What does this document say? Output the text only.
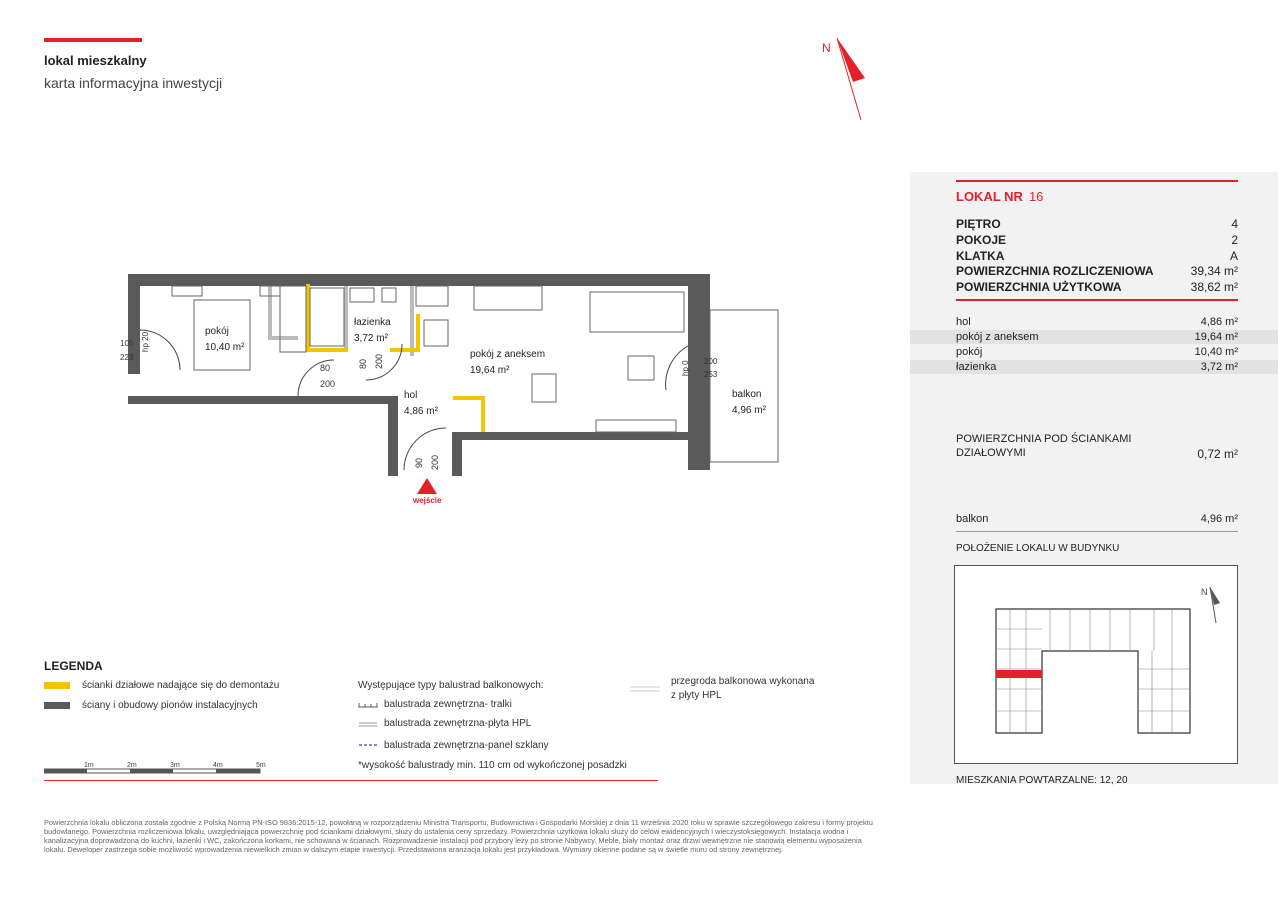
lokal mieszkalny
karta informacyjna inwestycji
N
105
223
hp 20
80
200
80 200
90 200
hp 0 200
253
wejście
pokój
10,40 m²
łazienka
3,72 m²
pokój z aneksem
19,64 m²
hol
4,86 m²
balkon
4,96 m²
LEGENDA
ścianki działowe nadające się do demontażu
ściany i obudowy pionów instalacyjnych
Występujące typy balustrad balkonowych:
balustrada zewnętrzna- tralki
balustrada zewnętrzna-płyta HPL
balustrada zewnętrzna-panel szklany
*wysokość balustrady min. 110 cm od wykończonej posadzki
przegroda balkonowa wykonana
z płyty HPL
1m	2m	3m	4m	5m
Powierzchnia lokalu obliczona została zgodnie z Polską Normą PN-ISO 9836:2015-12, powołaną w rozporządzeniu Ministra Transportu, Budownictwa i Gospodarki Morskiej z dnia 11 września 2020 roku w sprawie szczegółowego zakresu i formy projektu budowlanego. Powierzchnia rozliczeniowa lokalu, uwzględniająca powierzchnię pod ściankami działowymi, służy do ustalenia ceny sprzedaży. Powierzchnia użytkowa lokalu służy do celów ewidencyjnych i wieczystoksięgowych. Instalacja wodna i kanalizacyjna doprowadzona do kuchni, łazienki i WC, zakończona korkami, nie schowana w ścianach. Rozprowadzenie instalacji pod przybory leży po stronie Nabywcy. Meble, biały montaż oraz drzwi wewnętrzne nie stanowią elementu wyposażenia lokalu. Deweloper zastrzega sobie możliwość wprowadzenia niewielkich zmian w dalszym etapie inwestycji. Przedstawiona aranżacja lokalu jest przykładowa. Wymiary okienne podane są w świetle muru od strony zewnętrznej.
LOKAL NR 16
PIĘTRO	4
POKOJE	2
KLATKA	A
POWIERZCHNIA ROZLICZENIOWA	39,34 m²
POWIERZCHNIA UŻYTKOWA	38,62 m²
hol	4,86 m²
pokój z aneksem	19,64 m²
pokój	10,40 m²
łazienka	3,72 m²
POWIERZCHNIA POD ŚCIANKAMI
DZIAŁOWYMI	0,72 m²
balkon	4,96 m²
POŁOŻENIE LOKALU W BUDYNKU
N
MIESZKANIA POWTARZALNE: 12, 20
